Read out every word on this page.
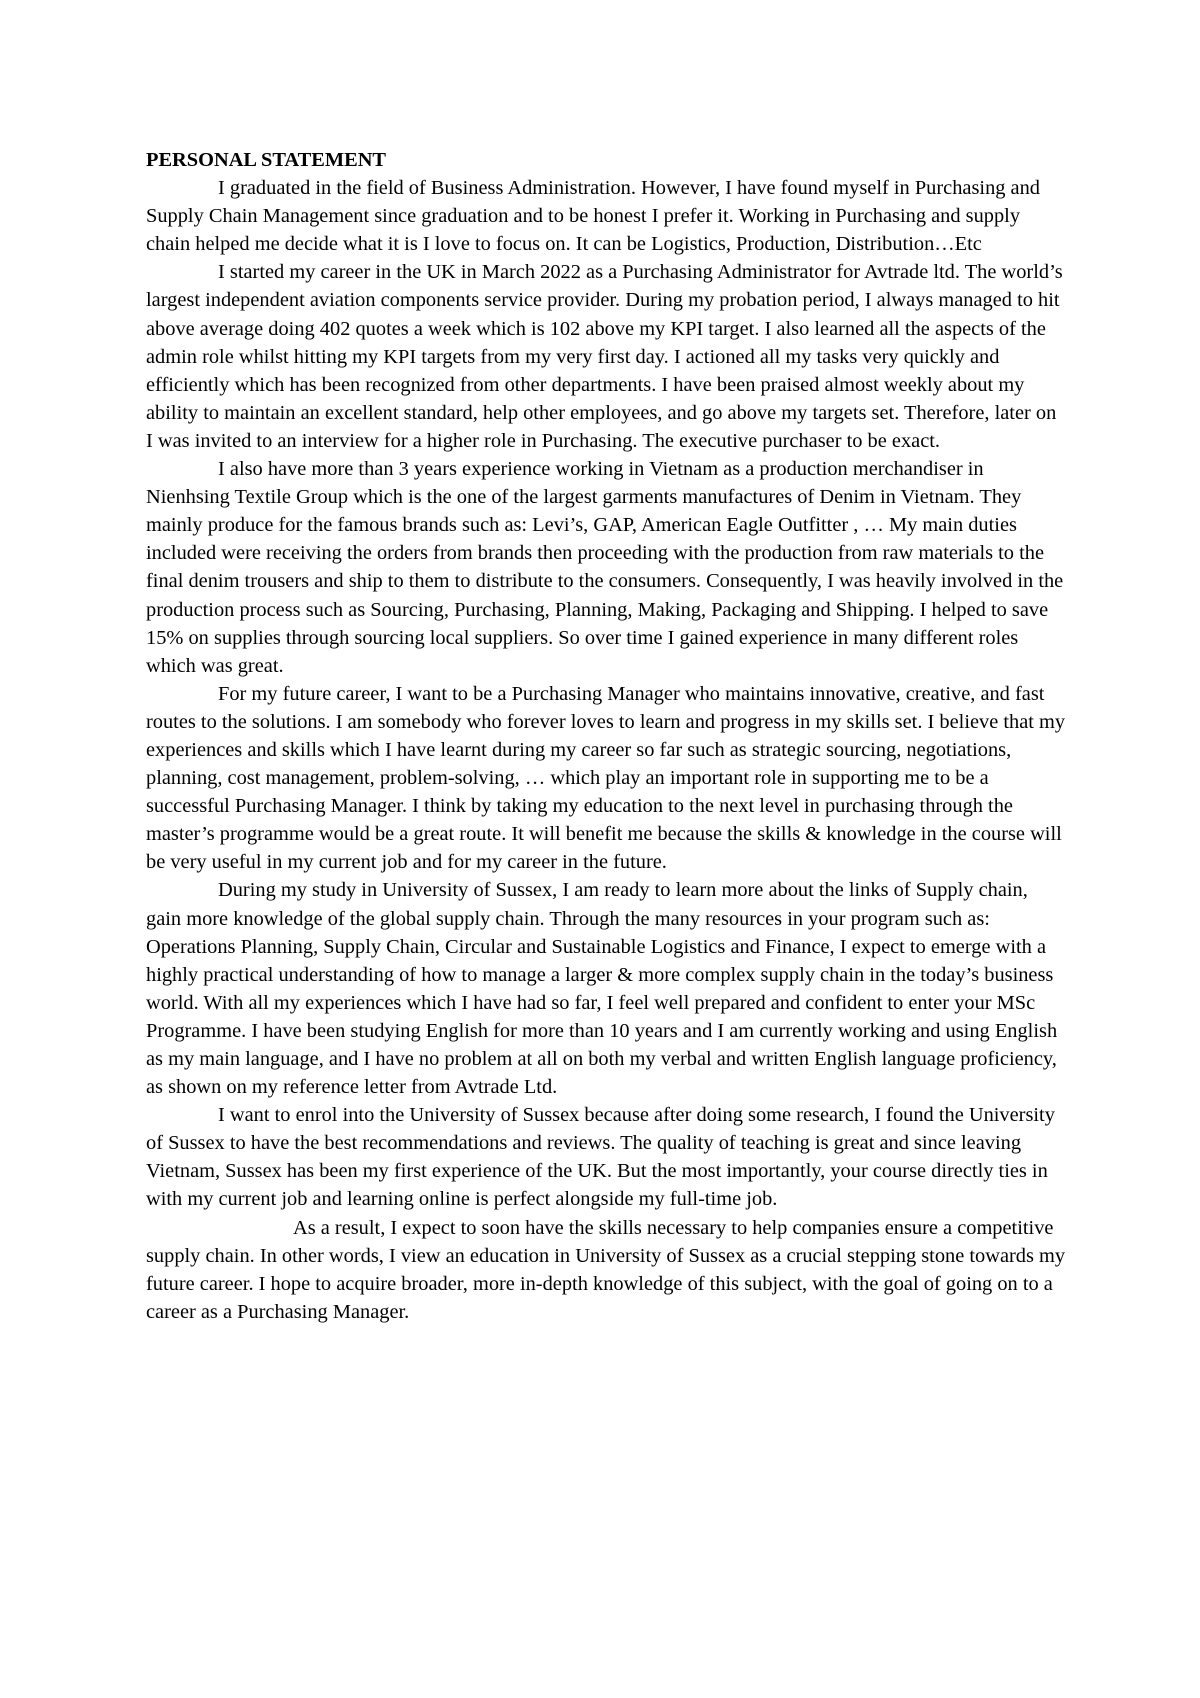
PERSONAL STATEMENT

I graduated in the field of Business Administration. However, I have found myself in Purchasing and Supply Chain Management since graduation and to be honest I prefer it. Working in Purchasing and supply chain helped me decide what it is I love to focus on. It can be Logistics, Production, Distribution…Etc

I started my career in the UK in March 2022 as a Purchasing Administrator for Avtrade ltd. The world’s largest independent aviation components service provider. During my probation period, I always managed to hit above average doing 402 quotes a week which is 102 above my KPI target. I also learned all the aspects of the admin role whilst hitting my KPI targets from my very first day. I actioned all my tasks very quickly and efficiently which has been recognized from other departments. I have been praised almost weekly about my ability to maintain an excellent standard, help other employees, and go above my targets set. Therefore, later on I was invited to an interview for a higher role in Purchasing. The executive purchaser to be exact.

I also have more than 3 years experience working in Vietnam as a production merchandiser in Nienhsing Textile Group which is the one of the largest garments manufactures of Denim in Vietnam. They mainly produce for the famous brands such as: Levi’s, GAP, American Eagle Outfitter , … My main duties included were receiving the orders from brands then proceeding with the production from raw materials to the final denim trousers and ship to them to distribute to the consumers. Consequently, I was heavily involved in the production process such as Sourcing, Purchasing, Planning, Making, Packaging and Shipping. I helped to save 15% on supplies through sourcing local suppliers. So over time I gained experience in many different roles which was great.

For my future career, I want to be a Purchasing Manager who maintains innovative, creative, and fast routes to the solutions. I am somebody who forever loves to learn and progress in my skills set. I believe that my experiences and skills which I have learnt during my career so far such as strategic sourcing, negotiations, planning, cost management, problem-solving, … which play an important role in supporting me to be a successful Purchasing Manager. I think by taking my education to the next level in purchasing through the master’s programme would be a great route. It will benefit me because the skills & knowledge in the course will be very useful in my current job and for my career in the future.

During my study in University of Sussex, I am ready to learn more about the links of Supply chain, gain more knowledge of the global supply chain. Through the many resources in your program such as: Operations Planning, Supply Chain, Circular and Sustainable Logistics and Finance, I expect to emerge with a highly practical understanding of how to manage a larger & more complex supply chain in the today’s business world. With all my experiences which I have had so far, I feel well prepared and confident to enter your MSc Programme. I have been studying English for more than 10 years and I am currently working and using English as my main language, and I have no problem at all on both my verbal and written English language proficiency, as shown on my reference letter from Avtrade Ltd.

I want to enrol into the University of Sussex because after doing some research, I found the University of Sussex to have the best recommendations and reviews. The quality of teaching is great and since leaving Vietnam, Sussex has been my first experience of the UK. But the most importantly, your course directly ties in with my current job and learning online is perfect alongside my full-time job.

As a result, I expect to soon have the skills necessary to help companies ensure a competitive supply chain. In other words, I view an education in University of Sussex as a crucial stepping stone towards my future career. I hope to acquire broader, more in-depth knowledge of this subject, with the goal of going on to a career as a Purchasing Manager.
